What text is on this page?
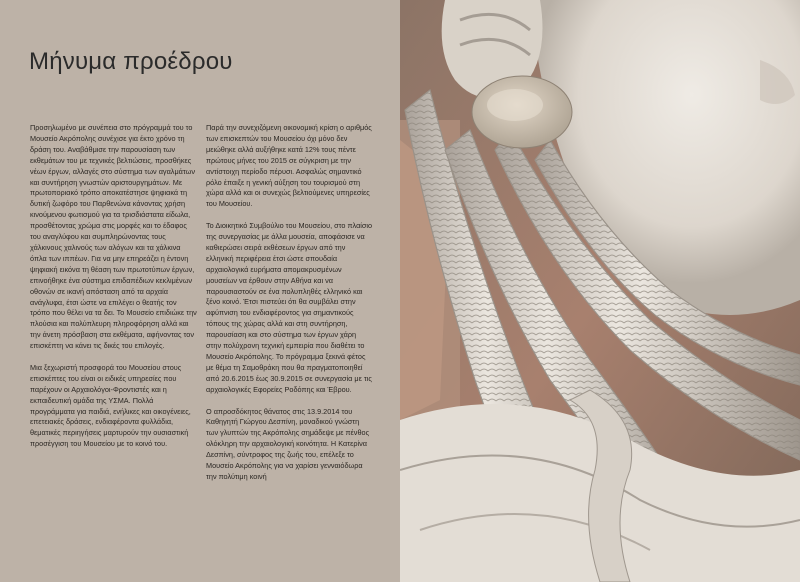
Μήνυμα προέδρου

Προσηλωμένο με συνέπεια στο πρόγραμμά του το Μουσείο Ακρόπολης συνέχισε για έκτο χρόνο τη δράση του. Αναβάθμισε την παρουσίαση των εκθεμάτων του με τεχνικές βελτιώσεις, προσθήκες νέων έργων, αλλαγές στο σύστημα των αγαλμάτων και συντήρηση γνωστών αριστουργημάτων. Με πρωτοποριακό τρόπο αποκατέστησε ψηφιακά τη δυτική ζωφόρο του Παρθενώνα κάνοντας χρήση κινούμενου φωτισμού για τα τρισδιάστατα είδωλα, προσθέτοντας χρώμα στις μορφές και το έδαφος του αναγλύφου και συμπληρώνοντας τους χάλκινους χαλινούς των αλόγων και τα χάλκινα όπλα των ιππέων. Για να μην επηρεάζει η έντονη ψηφιακή εικόνα τη θέαση των πρωτοτύπων έργων, επινοήθηκε ένα σύστημα επιδαπέδιων κεκλιμένων οθονών σε ικανή απόσταση από τα αρχαία ανάγλυφα, έτσι ώστε να επιλέγει ο θεατής τον τρόπο που θέλει να τα δει. Το Μουσείο επιδιώκε την πλούσια και πολύπλευρη πληροφόρηση αλλά και την άνετη πρόσβαση στα εκθέματα, αφήνοντας τον επισκέπτη να κάνει τις δικές του επιλογές.

Μια ξεχωριστή προσφορά του Μουσείου στους επισκέπτες του είναι οι ειδικές υπηρεσίες που παρέχουν οι Αρχαιολόγοι-Φροντιστές και η εκπαιδευτική ομάδα της ΥΣΜΑ. Πολλά προγράμματα για παιδιά, ενήλικες και οικογένειες, επετειακές δράσεις, ενδιαφέροντα φυλλάδια, θεματικές περιηγήσεις μαρτυρούν την ουσιαστική προσέγγιση του Μουσείου με το κοινό του.

Παρά την συνεχιζόμενη οικονομική κρίση ο αριθμός των επισκεπτών του Μουσείου όχι μόνο δεν μειώθηκε αλλά αυξήθηκε κατά 12% τους πέντε πρώτους μήνες του 2015 σε σύγκριση με την αντίστοιχη περίοδο πέρυσι. Ασφαλώς σημαντικό ρόλο έπαιξε η γενική αύξηση του τουρισμού στη χώρα αλλά και οι συνεχώς βελτιούμενες υπηρεσίες του Μουσείου.

Το Διοικητικό Συμβούλιο του Μουσείου, στο πλαίσιο της συνεργασίας με άλλα μουσεία, αποφάσισε να καθιερώσει σειρά εκθέσεων έργων από την ελληνική περιφέρεια έτσι ώστε σπουδαία αρχαιολογικά ευρήματα απομακρυσμένων μουσείων να έρθουν στην Αθήνα και να παρουσιαστούν σε ένα πολυπληθές ελληνικό και ξένο κοινό. Έτσι πιστεύει ότι θα συμβάλει στην αφύπνιση του ενδιαφέροντος για σημαντικούς τόπους της χώρας αλλά και στη συντήρηση, παρουσίαση και στο σύστημα των έργων χάρη στην πολύχρονη τεχνική εμπειρία που διαθέτει το Μουσείο Ακρόπολης. Το πρόγραμμα ξεκινά φέτος με θέμα τη Σαμοθράκη που θα πραγματοποιηθεί από 20.6.2015 έως 30.9.2015 σε συνεργασία με τις αρχαιολογικές Εφορείες Ροδόπης και Έβρου.

Ο απροσδόκητος θάνατος στις 13.9.2014 του Καθηγητή Γιώργου Δεσπίνη, μοναδικού γνώστη των γλυπτών της Ακρόπολης σημάδεψε με πένθος ολόκληρη την αρχαιολογική κοινότητα. Η Κατερίνα Δεσπίνη, σύντροφος της ζωής του, επέλεξε το Μουσείο Ακρόπολης για να χαρίσει γενναιόδωρα την πολύτιμη κοινή
